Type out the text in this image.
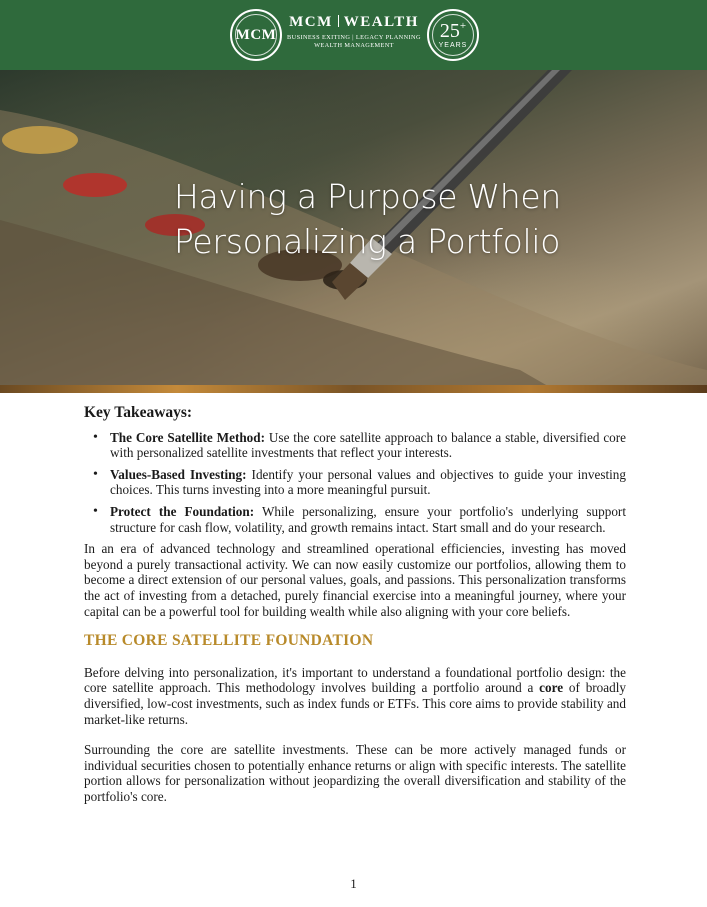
MCM
MCM WEALTH
BUSINESS EXITING | LEGACY PLANNING
WEALTH MANAGEMENT
25+
YEARS
Having a Purpose When
Personalizing a Portfolio
Key Takeaways:
• The Core Satellite Method: Use the core satellite approach to balance a stable, diversified core with personalized satellite investments that reflect your interests.
• Values-Based Investing: Identify your personal values and objectives to guide your investing choices. This turns investing into a more meaningful pursuit.
• Protect the Foundation: While personalizing, ensure your portfolio's underlying support structure for cash flow, volatility, and growth remains intact. Start small and do your research.

In an era of advanced technology and streamlined operational efficiencies, investing has moved beyond a purely transactional activity. We can now easily customize our portfolios, allowing them to become a direct extension of our personal values, goals, and passions. This personalization transforms the act of investing from a detached, purely financial exercise into a meaningful journey, where your capital can be a powerful tool for building wealth while also aligning with your core beliefs.

THE CORE SATELLITE FOUNDATION

Before delving into personalization, it's important to understand a foundational portfolio design: the core satellite approach. This methodology involves building a portfolio around a core of broadly diversified, low-cost investments, such as index funds or ETFs. This core aims to provide stability and market-like returns.

Surrounding the core are satellite investments. These can be more actively managed funds or individual securities chosen to potentially enhance returns or align with specific interests. The satellite portion allows for personalization without jeopardizing the overall diversification and stability of the portfolio's core.

1
